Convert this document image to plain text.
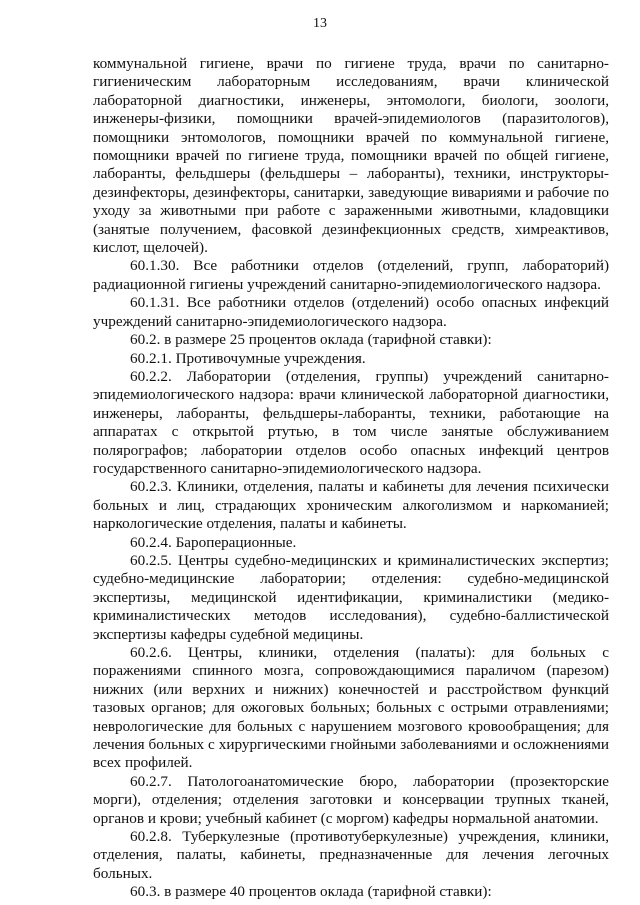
13

коммунальной гигиене, врачи по гигиене труда, врачи по санитарно-гигиеническим лабораторным исследованиям, врачи клинической лабораторной диагностики, инженеры, энтомологи, биологи, зоологи, инженеры-физики, помощники врачей-эпидемиологов (паразитологов), помощники энтомологов, помощники врачей по коммунальной гигиене, помощники врачей по гигиене труда, помощники врачей по общей гигиене, лаборанты, фельдшеры (фельдшеры – лаборанты), техники, инструкторы-дезинфекторы, дезинфекторы, санитарки, заведующие вивариями и рабочие по уходу за животными при работе с зараженными животными, кладовщики (занятые получением, фасовкой дезинфекционных средств, химреактивов, кислот, щелочей).

60.1.30. Все работники отделов (отделений, групп, лабораторий) радиационной гигиены учреждений санитарно-эпидемиологического надзора.

60.1.31. Все работники отделов (отделений) особо опасных инфекций учреждений санитарно-эпидемиологического надзора.

60.2. в размере 25 процентов оклада (тарифной ставки):

60.2.1. Противочумные учреждения.

60.2.2. Лаборатории (отделения, группы) учреждений санитарно-эпидемиологического надзора: врачи клинической лабораторной диагностики, инженеры, лаборанты, фельдшеры-лаборанты, техники, работающие на аппаратах с открытой ртутью, в том числе занятые обслуживанием полярографов; лаборатории отделов особо опасных инфекций центров государственного санитарно-эпидемиологического надзора.

60.2.3. Клиники, отделения, палаты и кабинеты для лечения психически больных и лиц, страдающих хроническим алкоголизмом и наркоманией; наркологические отделения, палаты и кабинеты.

60.2.4. Бароперационные.

60.2.5. Центры судебно-медицинских и криминалистических экспертиз; судебно-медицинские лаборатории; отделения: судебно-медицинской экспертизы, медицинской идентификации, криминалистики (медико-криминалистических методов исследования), судебно-баллистической экспертизы кафедры судебной медицины.

60.2.6. Центры, клиники, отделения (палаты): для больных с поражениями спинного мозга, сопровождающимися параличом (парезом) нижних (или верхних и нижних) конечностей и расстройством функций тазовых органов; для ожоговых больных; больных с острыми отравлениями; неврологические для больных с нарушением мозгового кровообращения; для лечения больных с хирургическими гнойными заболеваниями и осложнениями всех профилей.

60.2.7. Патологоанатомические бюро, лаборатории (прозекторские морги), отделения; отделения заготовки и консервации трупных тканей, органов и крови; учебный кабинет (с моргом) кафедры нормальной анатомии.

60.2.8. Туберкулезные (противотуберкулезные) учреждения, клиники, отделения, палаты, кабинеты, предназначенные для лечения легочных больных.

60.3. в размере 40 процентов оклада (тарифной ставки):
